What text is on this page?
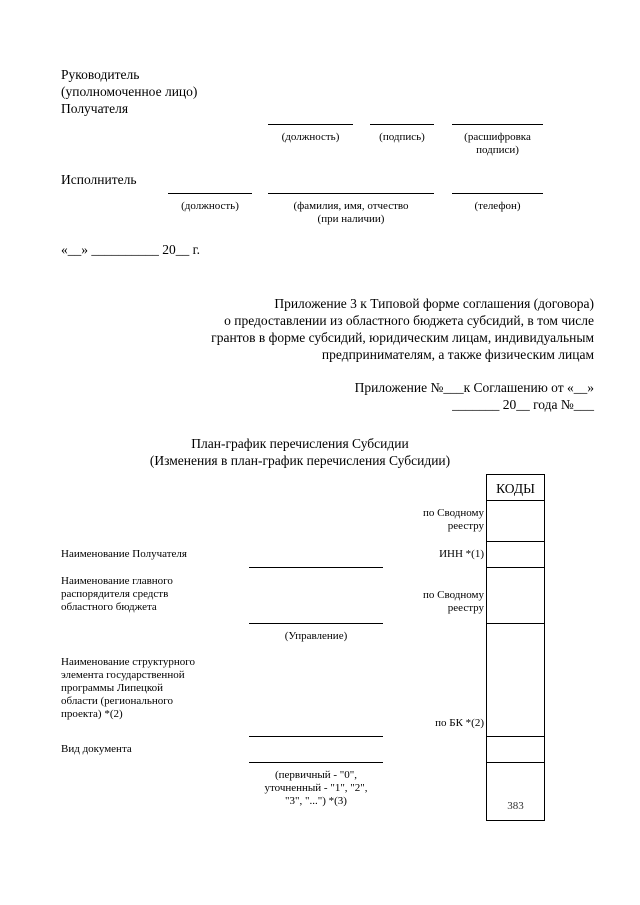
Руководитель
(уполномоченное лицо)
Получателя
(должность)	(подпись)	(расшифровка
подписи)
Исполнитель
(должность)	(фамилия, имя, отчество
(при наличии)
(телефон)
«__» __________ 20__ г.
Приложение 3 к Типовой форме соглашения (договора)
о предоставлении из областного бюджета субсидий, в том числе
грантов в форме субсидий, юридическим лицам, индивидуальным
предпринимателям, а также физическим лицам
Приложение №___к Соглашению от «__»
_______ 20__ года №___
План-график перечисления Субсидии
(Изменения в план-график перечисления Субсидии)
КОДЫ
по Сводному
реестру
Наименование Получателя	ИНН *(1)
Наименование главного
распорядителя средств
областного бюджета
по Сводному
реестру
(Управление)
Наименование структурного
элемента государственной
программы Липецкой
области (регионального
проекта) *(2)
по БК *(2)
Вид документа
(первичный - "0",
уточненный - "1", "2",
"3", "...") *(3)	383
